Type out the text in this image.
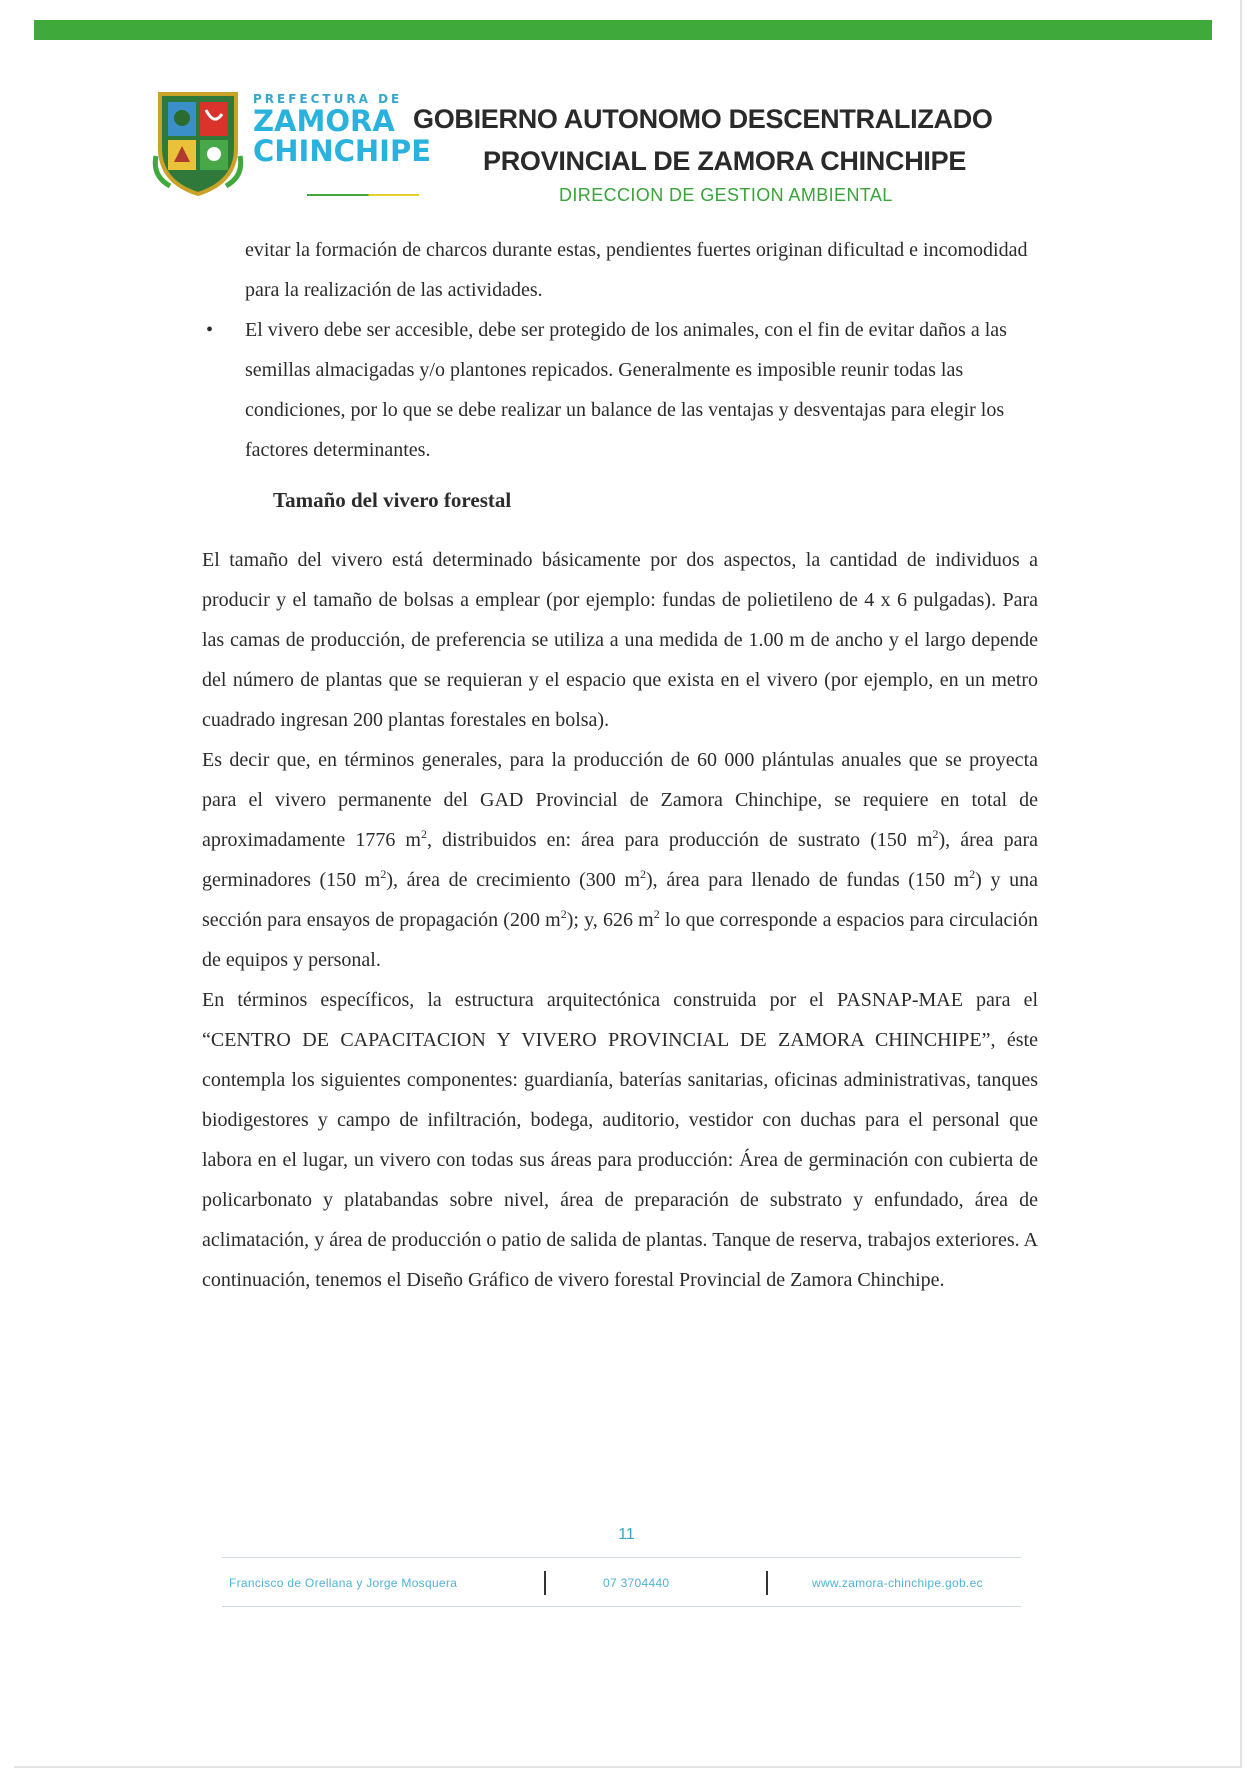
PREFECTURA DE
ZAMORA
CHINCHIPE
GOBIERNO AUTONOMO DESCENTRALIZADO
PROVINCIAL DE ZAMORA CHINCHIPE
DIRECCION DE GESTION AMBIENTAL

evitar la formación de charcos durante estas, pendientes fuertes originan dificultad e incomodidad para la realización de las actividades.

• El vivero debe ser accesible, debe ser protegido de los animales, con el fin de evitar daños a las semillas almacigadas y/o plantones repicados. Generalmente es imposible reunir todas las condiciones, por lo que se debe realizar un balance de las ventajas y desventajas para elegir los factores determinantes.

Tamaño del vivero forestal

El tamaño del vivero está determinado básicamente por dos aspectos, la cantidad de individuos a producir y el tamaño de bolsas a emplear (por ejemplo: fundas de polietileno de 4 x 6 pulgadas). Para las camas de producción, de preferencia se utiliza a una medida de 1.00 m de ancho y el largo depende del número de plantas que se requieran y el espacio que exista en el vivero (por ejemplo, en un metro cuadrado ingresan 200 plantas forestales en bolsa).

Es decir que, en términos generales, para la producción de 60 000 plántulas anuales que se proyecta para el vivero permanente del GAD Provincial de Zamora Chinchipe, se requiere en total de aproximadamente 1776 $m^2$, distribuidos en: área para producción de sustrato (150 $m^2$), área para germinadores (150 $m^2$), área de crecimiento (300 $m^2$), área para llenado de fundas (150 $m^2$) y una sección para ensayos de propagación (200 $m^2$); y, 626 $m^2$ lo que corresponde a espacios para circulación de equipos y personal.

En términos específicos, la estructura arquitectónica construida por el PASNAP-MAE para el “CENTRO DE CAPACITACION Y VIVERO PROVINCIAL DE ZAMORA CHINCHIPE”, éste contempla los siguientes componentes: guardianía, baterías sanitarias, oficinas administrativas, tanques biodigestores y campo de infiltración, bodega, auditorio, vestidor con duchas para el personal que labora en el lugar, un vivero con todas sus áreas para producción: Área de germinación con cubierta de policarbonato y platabandas sobre nivel, área de preparación de substrato y enfundado, área de aclimatación, y área de producción o patio de salida de plantas. Tanque de reserva, trabajos exteriores. A continuación, tenemos el Diseño Gráfico de vivero forestal Provincial de Zamora Chinchipe.

11
Francisco de Orellana y Jorge Mosquera	07 3704440	www.zamora-chinchipe.gob.ec
